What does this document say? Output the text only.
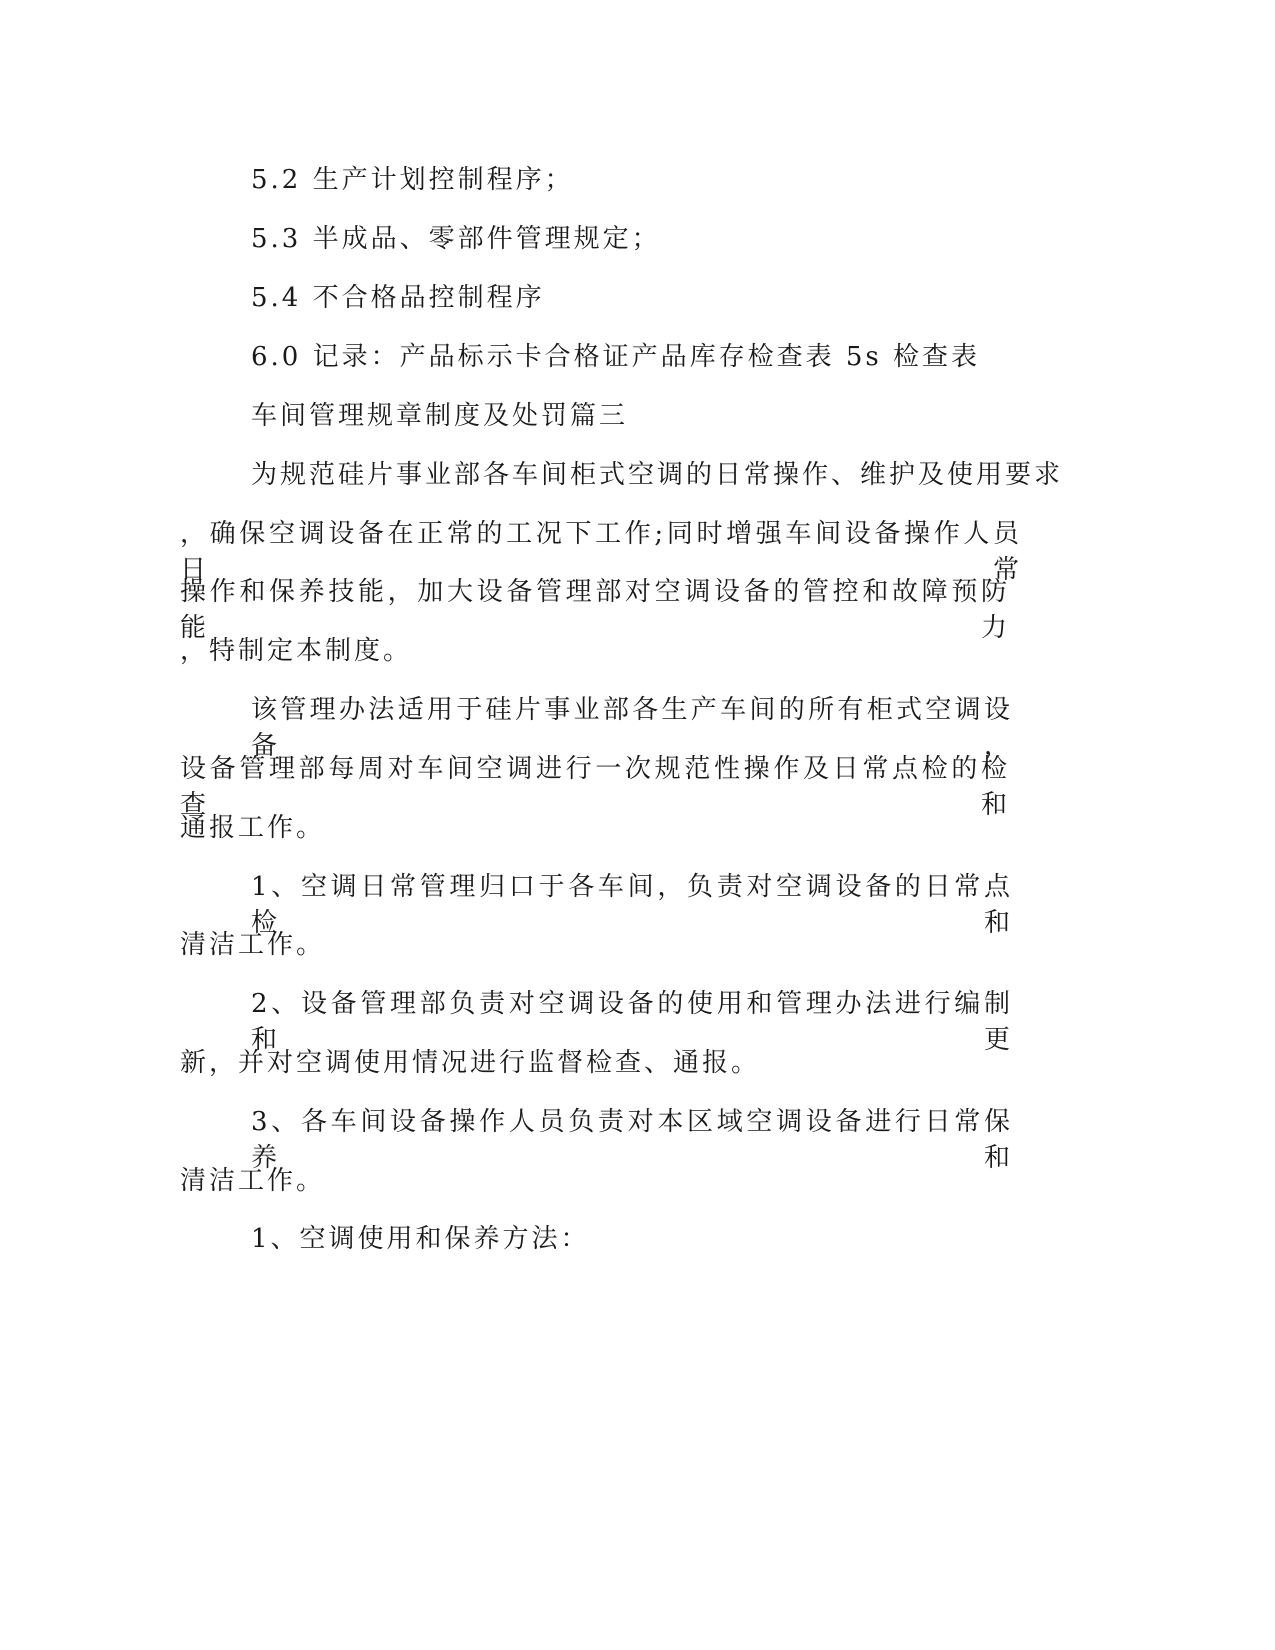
5.2 生产计划控制程序；

5.3 半成品、零部件管理规定；

5.4 不合格品控制程序

6.0 记录：产品标示卡合格证产品库存检查表 5s 检查表

车间管理规章制度及处罚篇三

为规范硅片事业部各车间柜式空调的日常操作、维护及使用要求

，确保空调设备在正常的工况下工作;同时增强车间设备操作人员日常

操作和保养技能，加大设备管理部对空调设备的管控和故障预防能力

，特制定本制度。

该管理办法适用于硅片事业部各生产车间的所有柜式空调设备，

设备管理部每周对车间空调进行一次规范性操作及日常点检的检查和

通报工作。

1、空调日常管理归口于各车间，负责对空调设备的日常点检和

清洁工作。

2、设备管理部负责对空调设备的使用和管理办法进行编制和更

新，并对空调使用情况进行监督检查、通报。

3、各车间设备操作人员负责对本区域空调设备进行日常保养和

清洁工作。

1、空调使用和保养方法：
